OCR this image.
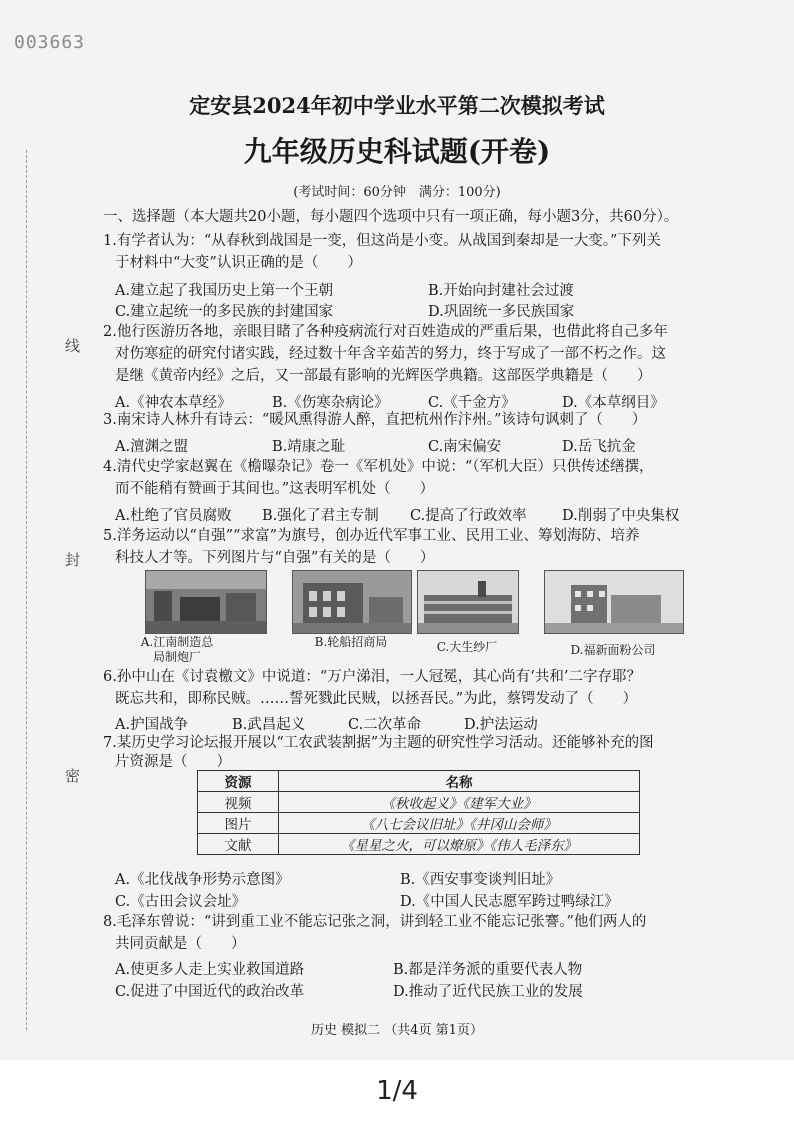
003663
线
封
密
定安县2024年初中学业水平第二次模拟考试
九年级历史科试题(开卷)
(考试时间：60分钟　满分：100分)
一、选择题（本大题共20小题，每小题四个选项中只有一项正确，每小题3分，共60分）。
1.有学者认为：“从春秋到战国是一变，但这尚是小变。从战国到秦却是一大变。”下列关
于材料中“大变”认识正确的是（　　）
A.建立起了我国历史上第一个王朝	B.开始向封建社会过渡
C.建立起统一的多民族的封建国家	D.巩固统一多民族国家
2.他行医游历各地，亲眼目睹了各种疫病流行对百姓造成的严重后果，也借此将自己多年
对伤寒症的研究付诸实践，经过数十年含辛茹苦的努力，终于写成了一部不朽之作。这
是继《黄帝内经》之后，又一部最有影响的光辉医学典籍。这部医学典籍是（　　）
A.《神农本草经》	B.《伤寒杂病论》	C.《千金方》	D.《本草纲目》
3.南宋诗人林升有诗云：“暖风熏得游人醉，直把杭州作汴州。”该诗句讽刺了（　　）
A.澶渊之盟	B.靖康之耻	C.南宋偏安	D.岳飞抗金
4.清代史学家赵翼在《檐曝杂记》卷一《军机处》中说：“（军机大臣）只供传述缮撰，
而不能稍有赞画于其间也。”这表明军机处（　　）
A.杜绝了官员腐败 B.强化了君主专制 C.提高了行政效率 D.削弱了中央集权
5.洋务运动以“自强”“求富”为旗号，创办近代军事工业、民用工业、筹划海防、培养
科技人才等。下列图片与“自强”有关的是（　　）
A.江南制造总局制炮厂
B.轮船招商局	C.大生纱厂	D.福新面粉公司
6.孙中山在《讨袁檄文》中说道：“万户涕泪，一人冠冕，其心尚有‘共和’二字存耶？
既忘共和，即称民贼。……誓死戮此民贼，以拯吾民。”为此，蔡锷发动了（　　）
A.护国战争	B.武昌起义	C.二次革命	D.护法运动
7.某历史学习论坛报开展以“工农武装割据”为主题的研究性学习活动。还能够补充的图
片资源是（　　）
资源	名称
视频	《秋收起义》《建军大业》
图片	《八七会议旧址》《井冈山会师》
文献	《星星之火，可以燎原》《伟人毛泽东》
A.《北伐战争形势示意图》	B.《西安事变谈判旧址》
C.《古田会议会址》	D.《中国人民志愿军跨过鸭绿江》
8.毛泽东曾说：“讲到重工业不能忘记张之洞，讲到轻工业不能忘记张謇。”他们两人的
共同贡献是（　　）
A.使更多人走上实业救国道路	B.都是洋务派的重要代表人物
C.促进了中国近代的政治改革	D.推动了近代民族工业的发展
历史 模拟二 （共4页 第1页）
1/4
